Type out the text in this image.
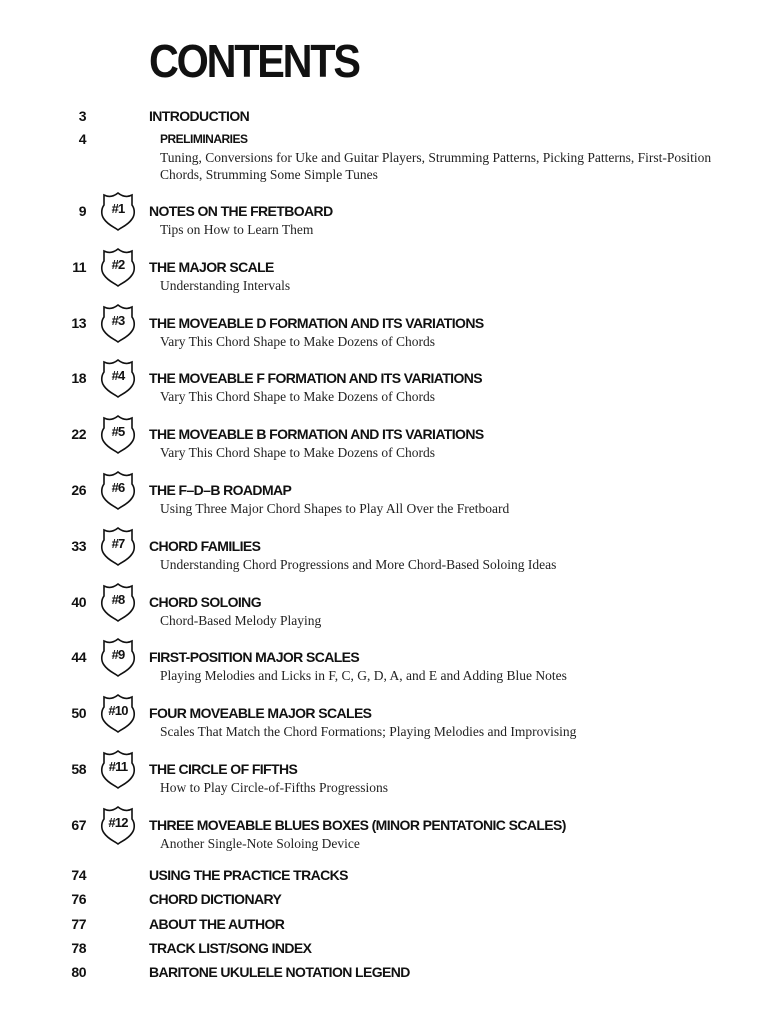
CONTENTS
3	INTRODUCTION
4	PRELIMINARIES
Tuning, Conversions for Uke and Guitar Players, Strumming Patterns, Picking Patterns, First-Position Chords, Strumming Some Simple Tunes
9	#1	NOTES ON THE FRETBOARD
Tips on How to Learn Them
11	#2	THE MAJOR SCALE
Understanding Intervals
13	#3	THE MOVEABLE D FORMATION AND ITS VARIATIONS
Vary This Chord Shape to Make Dozens of Chords
18	#4	THE MOVEABLE F FORMATION AND ITS VARIATIONS
Vary This Chord Shape to Make Dozens of Chords
22	#5	THE MOVEABLE B FORMATION AND ITS VARIATIONS
Vary This Chord Shape to Make Dozens of Chords
26	#6	THE F–D–B ROADMAP
Using Three Major Chord Shapes to Play All Over the Fretboard
33	#7	CHORD FAMILIES
Understanding Chord Progressions and More Chord-Based Soloing Ideas
40	#8	CHORD SOLOING
Chord-Based Melody Playing
44	#9	FIRST-POSITION MAJOR SCALES
Playing Melodies and Licks in F, C, G, D, A, and E and Adding Blue Notes
50	#10	FOUR MOVEABLE MAJOR SCALES
Scales That Match the Chord Formations; Playing Melodies and Improvising
58	#11	THE CIRCLE OF FIFTHS
How to Play Circle-of-Fifths Progressions
67	#12	THREE MOVEABLE BLUES BOXES (MINOR PENTATONIC SCALES)
Another Single-Note Soloing Device
74	USING THE PRACTICE TRACKS
76	CHORD DICTIONARY
77	ABOUT THE AUTHOR
78	TRACK LIST/SONG INDEX
80	BARITONE UKULELE NOTATION LEGEND
